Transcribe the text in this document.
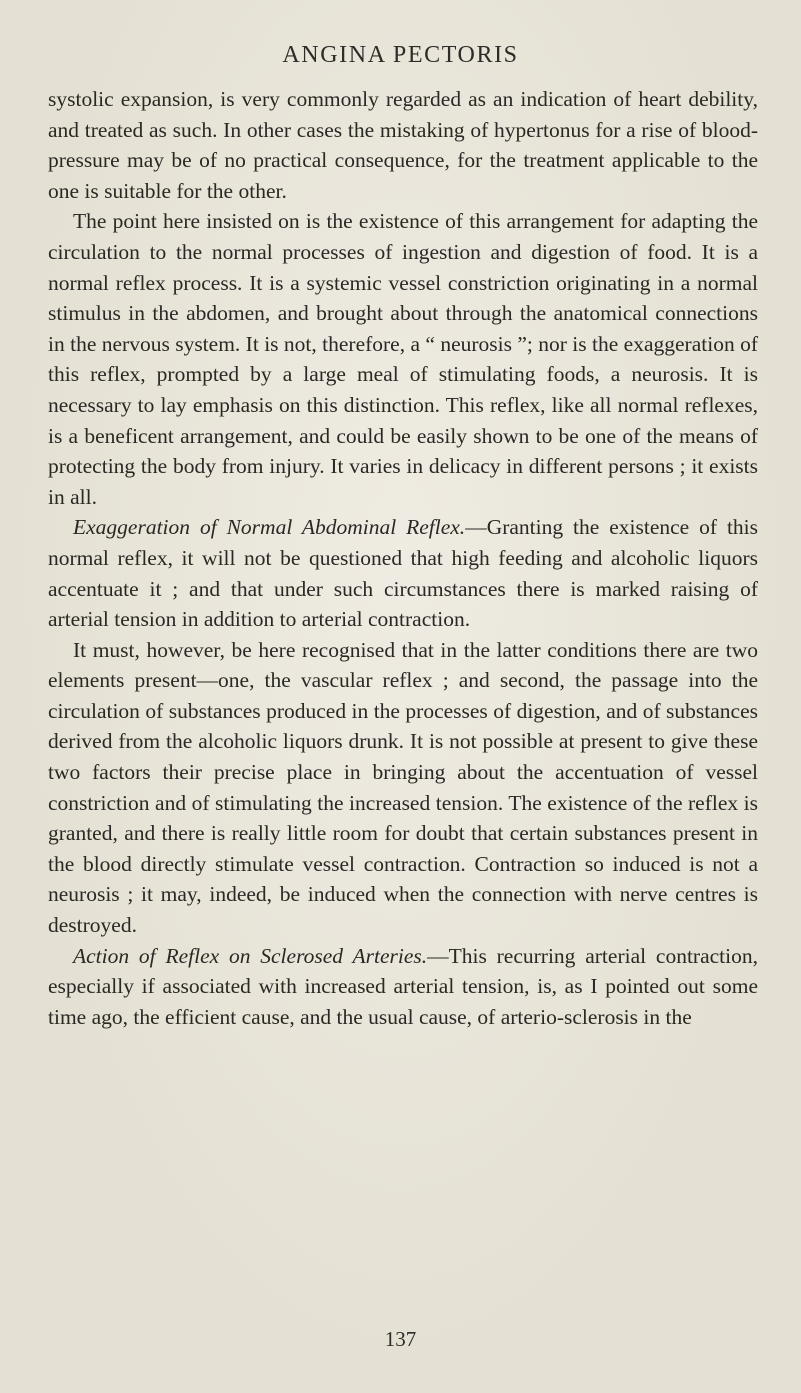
ANGINA PECTORIS

systolic expansion, is very commonly regarded as an indication of heart debility, and treated as such. In other cases the mistaking of hypertonus for a rise of blood-pressure may be of no practical consequence, for the treatment applicable to the one is suitable for the other.

The point here insisted on is the existence of this arrangement for adapting the circulation to the normal processes of ingestion and digestion of food. It is a normal reflex process. It is a systemic vessel constriction originating in a normal stimulus in the abdomen, and brought about through the anatomical connections in the nervous system. It is not, therefore, a “ neurosis ”; nor is the exaggeration of this reflex, prompted by a large meal of stimulating foods, a neurosis. It is necessary to lay emphasis on this distinction. This reflex, like all normal reflexes, is a beneficent arrangement, and could be easily shown to be one of the means of protecting the body from injury. It varies in delicacy in different persons ; it exists in all.

Exaggeration of Normal Abdominal Reflex.—Granting the existence of this normal reflex, it will not be questioned that high feeding and alcoholic liquors accentuate it ; and that under such circumstances there is marked raising of arterial tension in addition to arterial contraction.

It must, however, be here recognised that in the latter conditions there are two elements present—one, the vascular reflex ; and second, the passage into the circulation of substances produced in the processes of digestion, and of substances derived from the alcoholic liquors drunk. It is not possible at present to give these two factors their precise place in bringing about the accentuation of vessel constriction and of stimulating the increased tension. The existence of the reflex is granted, and there is really little room for doubt that certain substances present in the blood directly stimulate vessel contraction. Contraction so induced is not a neurosis ; it may, indeed, be induced when the connection with nerve centres is destroyed.

Action of Reflex on Sclerosed Arteries.—This recurring arterial contraction, especially if associated with increased arterial tension, is, as I pointed out some time ago, the efficient cause, and the usual cause, of arterio-sclerosis in the

137
